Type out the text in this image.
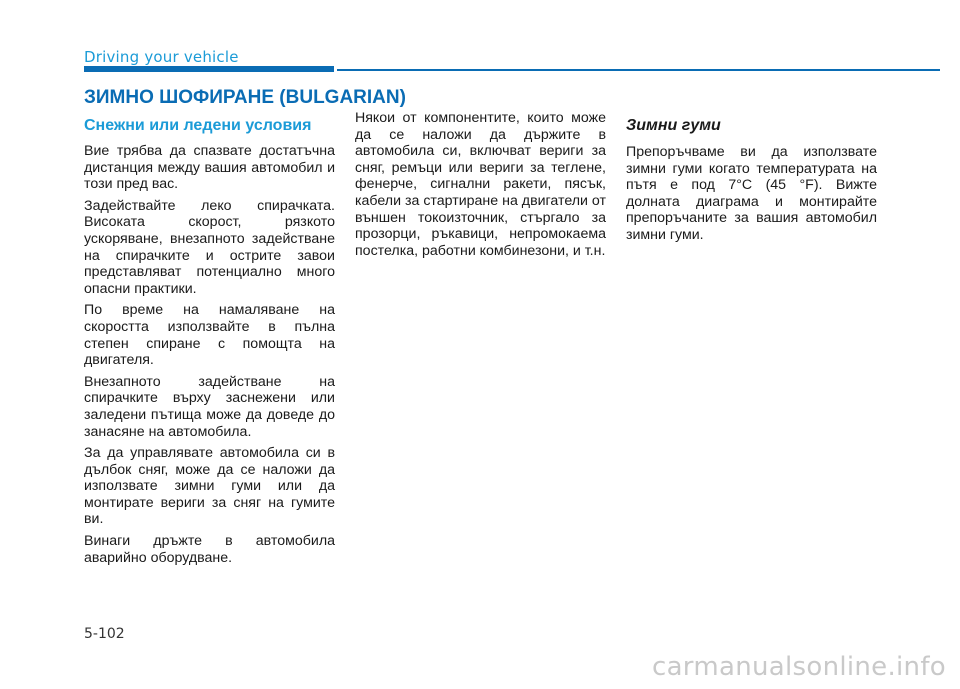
Driving your vehicle
ЗИМНО ШОФИРАНЕ (BULGARIAN)
Снежни или ледени условия

Вие трябва да спазвате достатъчна дистанция между вашия автомобил и този пред вас.

Задействайте леко спирачката. Високата скорост, рязкото ускоряване, внезапното задействане на спирачките и острите завои представляват потенциално много опасни практики.

По време на намаляване на скоростта използвайте в пълна степен спиране с помощта на двигателя.

Внезапното задействане на спирачките върху заснежени или заледени пътища може да доведе до занасяне на автомобила.

За да управлявате автомобила си в дълбок сняг, може да се наложи да използвате зимни гуми или да монтирате вериги за сняг на гумите ви.

Винаги дръжте в автомобила аварийно оборудване.

Някои от компонентите, които може да се наложи да държите в автомобила си, включват вериги за сняг, ремъци или вериги за теглене, фенерче, сигнални ракети, пясък, кабели за стартиране на двигатели от външен токоизточник, стъргало за прозорци, ръкавици, непромокаема постелка, работни комбинезони, и т.н.

Зимни гуми

Препоръчваме ви да използвате зимни гуми когато температурата на пътя е под 7°C (45 °F). Вижте долната диаграма и монтирайте препоръчаните за вашия автомобил зимни гуми.

5-102
carmanualsonline.info
